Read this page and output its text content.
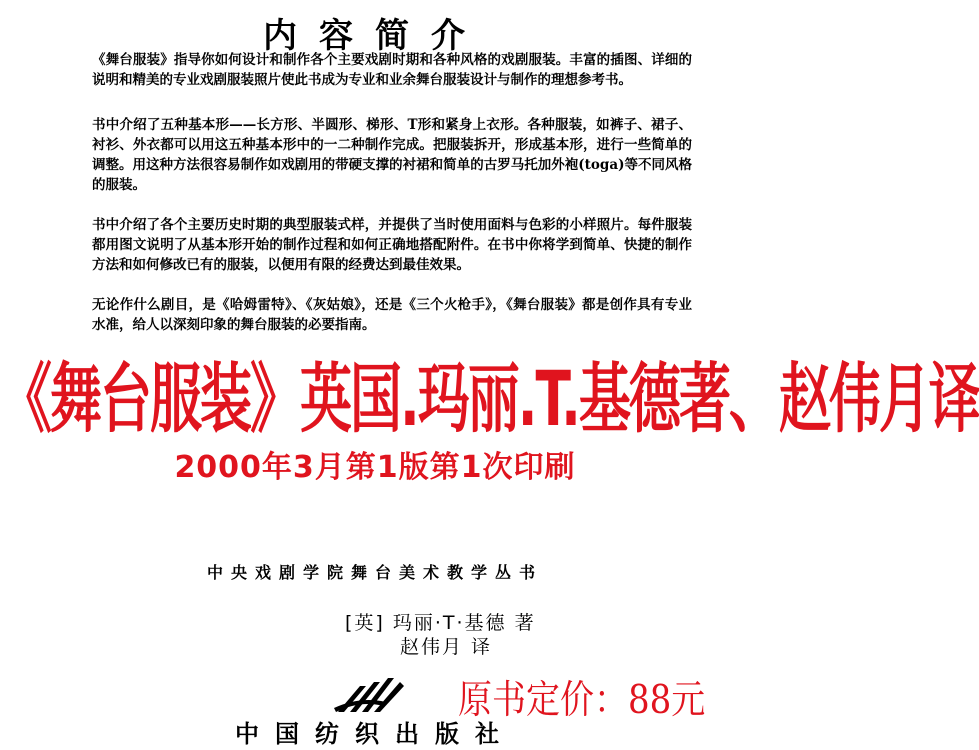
内容简介
《舞台服装》指导你如何设计和制作各个主要戏剧时期和各种风格的戏剧服装。丰富的插图、详细的说明和精美的专业戏剧服装照片使此书成为专业和业余舞台服装设计与制作的理想参考书。
书中介绍了五种基本形——长方形、半圆形、梯形、T形和紧身上衣形。各种服装，如裤子、裙子、衬衫、外衣都可以用这五种基本形中的一二种制作完成。把服装拆开，形成基本形，进行一些简单的调整。用这种方法很容易制作如戏剧用的带硬支撑的衬裙和简单的古罗马托加外袍(toga)等不同风格的服装。
书中介绍了各个主要历史时期的典型服装式样，并提供了当时使用面料与色彩的小样照片。每件服装都用图文说明了从基本形开始的制作过程和如何正确地搭配附件。在书中你将学到简单、快捷的制作方法和如何修改已有的服装，以便用有限的经费达到最佳效果。
无论作什么剧目，是《哈姆雷特》、《灰姑娘》，还是《三个火枪手》，《舞台服装》都是创作具有专业水准，给人以深刻印象的舞台服装的必要指南。
《舞台服装》英国.玛丽.T.基德著、赵伟月译
2000年3月第1版第1次印刷
中央戏剧学院舞台美术教学丛书
[英] 玛丽·T·基德 著
赵伟月 译
原书定价：88元
中国纺织出版社
